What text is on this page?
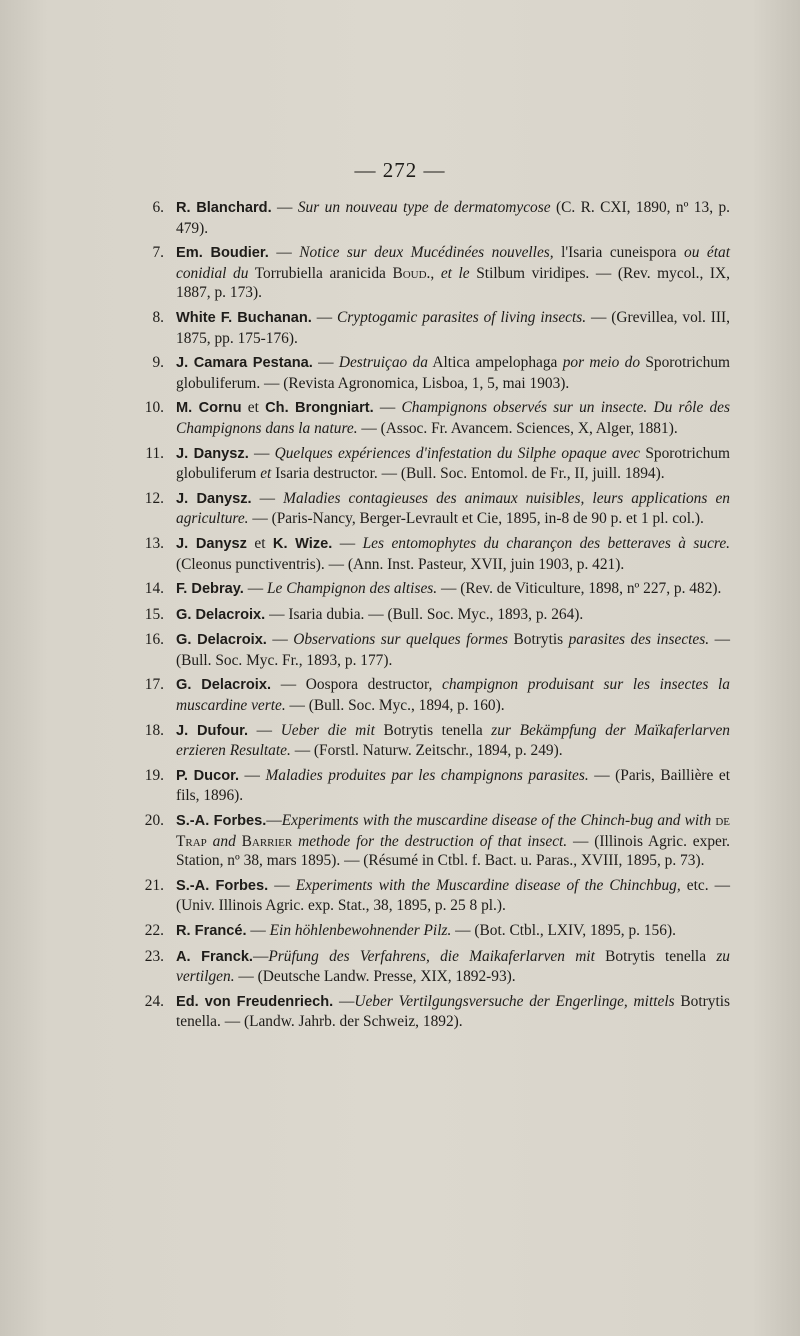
— 272 —
6. R. Blanchard. — Sur un nouveau type de dermatomycose (C. R. CXI, 1890, nº 13, p. 479).
7. Em. Boudier. — Notice sur deux Mucédinées nouvelles, l'Isaria cuneispora ou état conidial du Torrubiella aranicida Boud., et le Stilbum viridipes. — (Rev. mycol., IX, 1887, p. 173).
8. White F. Buchanan. — Cryptogamic parasites of living insects. — (Grevillea, vol. III, 1875, pp. 175-176).
9. J. Camara Pestana. — Destruiçao da Altica ampelophaga por meio do Sporotrichum globuliferum. — (Revista Agronomica, Lisboa, 1, 5, mai 1903).
10. M. Cornu et Ch. Brongniart. — Champignons observés sur un insecte. Du rôle des Champignons dans la nature. — (Assoc. Fr. Avancem. Sciences, X, Alger, 1881).
11. J. Danysz. — Quelques expériences d'infestation du Silphe opaque avec Sporotrichum globuliferum et Isaria destructor. — (Bull. Soc. Entomol. de Fr., II, juill. 1894).
12. J. Danysz. — Maladies contagieuses des animaux nuisibles, leurs applications en agriculture. — (Paris-Nancy, Berger-Levrault et Cie, 1895, in-8 de 90 p. et 1 pl. col.).
13. J. Danysz et K. Wize. — Les entomophytes du charançon des betteraves à sucre. (Cleonus punctiventris). — (Ann. Inst. Pasteur, XVII, juin 1903, p. 421).
14. F. Debray. — Le Champignon des altises. — (Rev. de Viticulture, 1898, nº 227, p. 482).
15. G. Delacroix. — Isaria dubia. — (Bull. Soc. Myc., 1893, p. 264).
16. G. Delacroix. — Observations sur quelques formes Botrytis parasites des insectes. — (Bull. Soc. Myc. Fr., 1893, p. 177).
17. G. Delacroix. — Oospora destructor, champignon produisant sur les insectes la muscardine verte. — (Bull. Soc. Myc., 1894, p. 160).
18. J. Dufour. — Ueber die mit Botrytis tenella zur Bekämpfung der Maïkaferlarven erzieren Resultate. — (Forstl. Naturw. Zeitschr., 1894, p. 249).
19. P. Ducor. — Maladies produites par les champignons parasites. — (Paris, Baillière et fils, 1896).
20. S.-A. Forbes.—Experiments with the muscardine disease of the Chinch-bug and with de Trap and Barrier methode for the destruction of that insect. — (Illinois Agric. exper. Station, nº 38, mars 1895). — (Résumé in Ctbl. f. Bact. u. Paras., XVIII, 1895, p. 73).
21. S.-A. Forbes. — Experiments with the Muscardine disease of the Chinchbug, etc. — (Univ. Illinois Agric. exp. Stat., 38, 1895, p. 25 8 pl.).
22. R. Francé. — Ein höhlenbewohnender Pilz. — (Bot. Ctbl., LXIV, 1895, p. 156).
23. A. Franck.—Prüfung des Verfahrens, die Maikaferlarven mit Botrytis tenella zu vertilgen. — (Deutsche Landw. Presse, XIX, 1892-93).
24. Ed. von Freudenriech. —Ueber Vertilgungsversuche der Engerlinge, mittels Botrytis tenella. — (Landw. Jahrb. der Schweiz, 1892).
